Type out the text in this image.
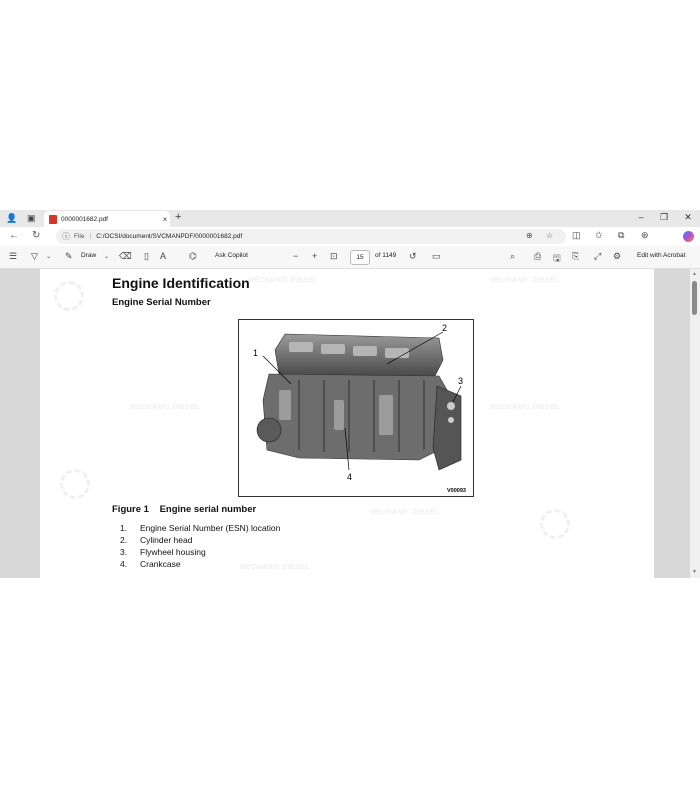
👤 ▣	0000001682.pdf	× +	–	❐	✕
← ↻	ⓘ File | C:/OCSI/document/SVCMANPDF/0000001682.pdf	⊕ ☆ ◫ ✩ ⧉ ⊛
☰ ▽ ⌄ ✎ Draw ⌄ ⌫ ▯ A	⌬	Ask Copilot	− + ⊡	15	of 1149 ↺ ▭	⌕ ⎙ 🖫 ⎘ ⤢ ⚙ Edit with Acrobat
MECHANIC DIESEL	MECHANIC DIESEL
MECHANIC DIESEL	MECHANIC DIESEL
MECHANIC DIESEL
MECHANIC DIESEL
Engine Identification
Engine Serial Number
1
2
3
4
V00093
Figure 1 Engine serial number
1.	Engine Serial Number (ESN) location
2.	Cylinder head
3.	Flywheel housing
4.	Crankcase
▲
▼
